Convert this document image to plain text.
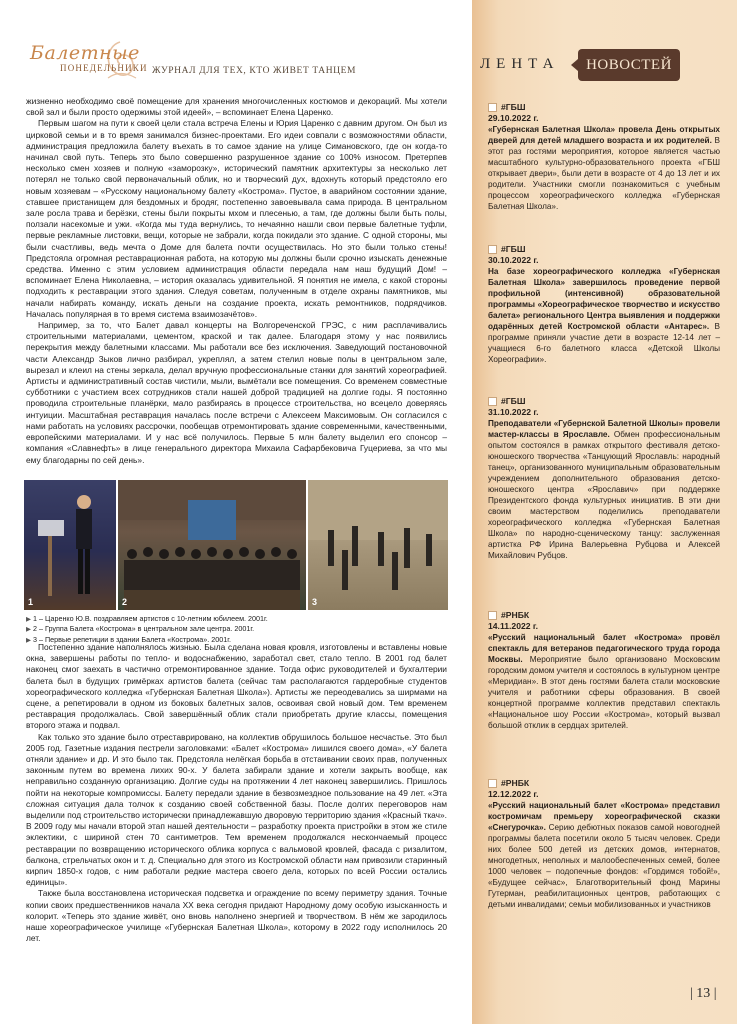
Балетные
ПОНЕДЕЛЬНИКИ ЖУРНАЛ ДЛЯ ТЕХ, КТО ЖИВЕТ ТАНЦЕМ

жизненно необходимо своё помещение для хранения многочисленных костюмов и декораций. Мы хотели свой зал и были просто одержимы этой идеей», – вспоминает Елена Царенко.

Первым шагом на пути к своей цели стала встреча Елены и Юрия Царенко с давним другом. Он был из цирковой семьи и в то время занимался бизнес-проектами. Его идеи совпали с возможностями области, администрация предложила балету въехать в то самое здание на улице Симановского, где он когда-то начинал свой путь. Теперь это было совершенно разрушенное здание со 100% износом. Претерпев несколько смен хозяев и полную «заморозку», исторический памятник архитектуры за несколько лет потерял не только свой первоначальный облик, но и творческий дух, вдохнуть который предстояло его новым хозяевам – «Русскому национальному балету «Кострома». Пустое, в аварийном состоянии здание, ставшее пристанищем для бездомных и бродяг, постепенно завоевывала сама природа. В центральном зале росла трава и берёзки, стены были покрыты мхом и плесенью, а там, где должны были быть полы, ползали насекомые и ужи. «Когда мы туда вернулись, то нечаянно нашли свои первые балетные туфли, первые рекламные листовки, вещи, которые не забрали, когда покидали это здание. С одной стороны, мы были счастливы, ведь мечта о Доме для балета почти осуществилась. Но это были только стены! Предстояла огромная реставрационная работа, на которую мы должны были срочно изыскать денежные средства. Именно с этим условием администрация области передала нам наш будущий Дом! – вспоминает Елена Николаевна, – история оказалась удивительной. Я понятия не имела, с какой стороны подходить к реставрации этого здания. Следуя советам, полученным в отделе охраны памятников, мы начали набирать команду, искать деньги на создание проекта, искать ремонтников, подрядчиков. Началась популярная в то время система взаимозачётов».

Например, за то, что Балет давал концерты на Волгореченской ГРЭС, с ним расплачивались строительными материалами, цементом, краской и так далее. Благодаря этому у нас появились перекрытия между балетными классами. Мы работали все без исключения. Заведующий постановочной части Александр Зыков лично разбирал, укреплял, а затем стелил новые полы в центральном зале, вырезал и клеил на стены зеркала, делал вручную профессиональные станки для занятий хореографией. Артисты и административный состав чистили, мыли, вымётали все помещения. Со временем совместные субботники с участием всех сотрудников стали нашей доброй традицией на долгие годы. Я постоянно проводила строительные планёрки, мало разбираясь в процессе строительства, но всецело доверяясь интуиции. Масштабная реставрация началась после встречи с Алексеем Максимовым. Он согласился с нами работать на условиях рассрочки, пообещав отремонтировать здание современными, качественными, европейскими материалами. И у нас всё получилось. Первые 5 млн балету выделил его спонсор – компания «Славнефть» в лице генерального директора Михаила Сафарбековича Гуцериева, за что мы ему благодарны по сей день».

1	2	3
▶ 1 – Царенко Ю.В. поздравляем артистов с 10-летним юбилеем. 2001г.
▶ 2 – Группа Балета «Кострома» в центральном зале центра. 2001г.
▶ 3 – Первые репетиции в здании Балета «Кострома». 2001г.

Постепенно здание наполнялось жизнью. Была сделана новая кровля, изготовлены и вставлены новые окна, завершены работы по тепло- и водоснабжению, заработал свет, стало тепло. В 2001 год балет наконец смог заехать в частично отремонтированное здание. Тогда офис руководителей и бухгалтерии балета был в будущих гримёрках артистов балета (сейчас там располагаются гардеробные студентов хореографического колледжа «Губернская Балетная Школа»). Артисты же переодевались за ширмами на сцене, а репетировали в одном из боковых балетных залов, освоивая свой новый дом. Тем временем реставрация продолжалась. Свой завершённый облик стали приобретать другие классы, помещения второго этажа и подвал.

Как только это здание было отреставрировано, на коллектив обрушилось большое несчастье. Это был 2005 год. Газетные издания пестрели заголовками: «Балет «Кострома» лишился своего дома», «У балета отняли здание» и др. И это было так. Предстояла нелёгкая борьба в отстаивании своих прав, полученных законным путем во времена лихих 90-х. У балета забирали здание и хотели закрыть вообще, как неправильно созданную организацию. Долгие суды на протяжении 4 лет наконец завершились. Пришлось пойти на некоторые компромиссы. Балету передали здание в безвозмездное пользование на 49 лет. «Эта сложная ситуация дала толчок к созданию своей собственной базы. После долгих переговоров нам выделили под строительство исторически принадлежавшую дворовую территорию здания «Красный ткач». В 2009 году мы начали второй этап нашей деятельности – разработку проекта пристройки в этом же стиле эклектики, с шириной стен 70 сантиметров. Тем временем продолжался нескончаемый процесс реставрации по возвращению исторического облика корпуса с вальмовой кровлей, фасада с ризалитом, балкона, стрельчатых окон и т. д. Специально для этого из Костромской области нам привозили старинный кирпич 1850-х годов, с ним работали редкие мастера своего дела, которых по всей России остались единицы».

Также была восстановлена историческая подсветка и ограждение по всему периметру здания. Точные копии своих предшественников начала XX века сегодня придают Народному дому особую изысканность и колорит. «Теперь это здание живёт, оно вновь наполнено энергией и творчеством. В нём же зародилось наше хореографическое училище «Губернская Балетная Школа», которому в 2022 году исполнилось 20 лет.

ЛЕНТА	НОВОСТЕЙ
#ГБШ
29.10.2022 г.
«Губернская Балетная Школа» провела День открытых дверей для детей младшего возраста и их родителей. В этот раз гостями мероприятия, которое является частью масштабного культурно-образовательного проекта «ГБШ открывает двери», были дети в возрасте от 4 до 13 лет и их родители. Участники смогли познакомиться с учебным процессом хореографического колледжа «Губернская Балетная Школа».
#ГБШ
30.10.2022 г.
На базе хореографического колледжа «Губернская Балетная Школа» завершилось проведение первой профильной (интенсивной) образовательной программы «Хореографическое творчество и искусство балета» регионального Центра выявления и поддержки одарённых детей Костромской области «Антарес». В программе приняли участие дети в возрасте 12-14 лет – учащиеся 6-го балетного класса «Детской Школы Хореографии».
#ГБШ
31.10.2022 г.
Преподаватели «Губернской Балетной Школы» провели мастер-классы в Ярославле. Обмен профессиональным опытом состоялся в рамках открытого фестиваля детско-юношеского творчества «Танцующий Ярославль: народный танец», организованного муниципальным образовательным учреждением дополнительного образования детско-юношеского центра «Ярославич» при поддержке Президентского фонда культурных инициатив. В эти дни своим мастерством поделились преподаватели хореографического колледжа «Губернская Балетная Школа» по народно-сценическому танцу: заслуженная артистка РФ Ирина Валерьевна Рубцова и Алексей Михайлович Рубцов.
#РНБК
14.11.2022 г.
«Русский национальный балет «Кострома» провёл спектакль для ветеранов педагогического труда города Москвы. Мероприятие было организовано Московским городским домом учителя и состоялось в культурном центре «Меридиан». В этот день гостями балета стали московские учителя и работники сферы образования. В своей концертной программе коллектив представил спектакль «Национальное шоу России «Кострома», который вызвал большой отклик в сердцах зрителей.
#РНБК
12.12.2022 г.
«Русский национальный балет «Кострома» представил костромичам премьеру хореографической сказки «Снегурочка». Серию дебютных показов самой новогодней программы балета посетили около 5 тысяч человек. Среди них более 500 детей из детских домов, интернатов, многодетных, неполных и малообеспеченных семей, более 1000 человек – подопечные фондов: «Гордимся тобой!», «Будущее сейчас», Благотворительный фонд Марины Гутерман, реабилитационных центров, работающих с детьми инвалидами; семьи мобилизованных и участников
| 13 |
